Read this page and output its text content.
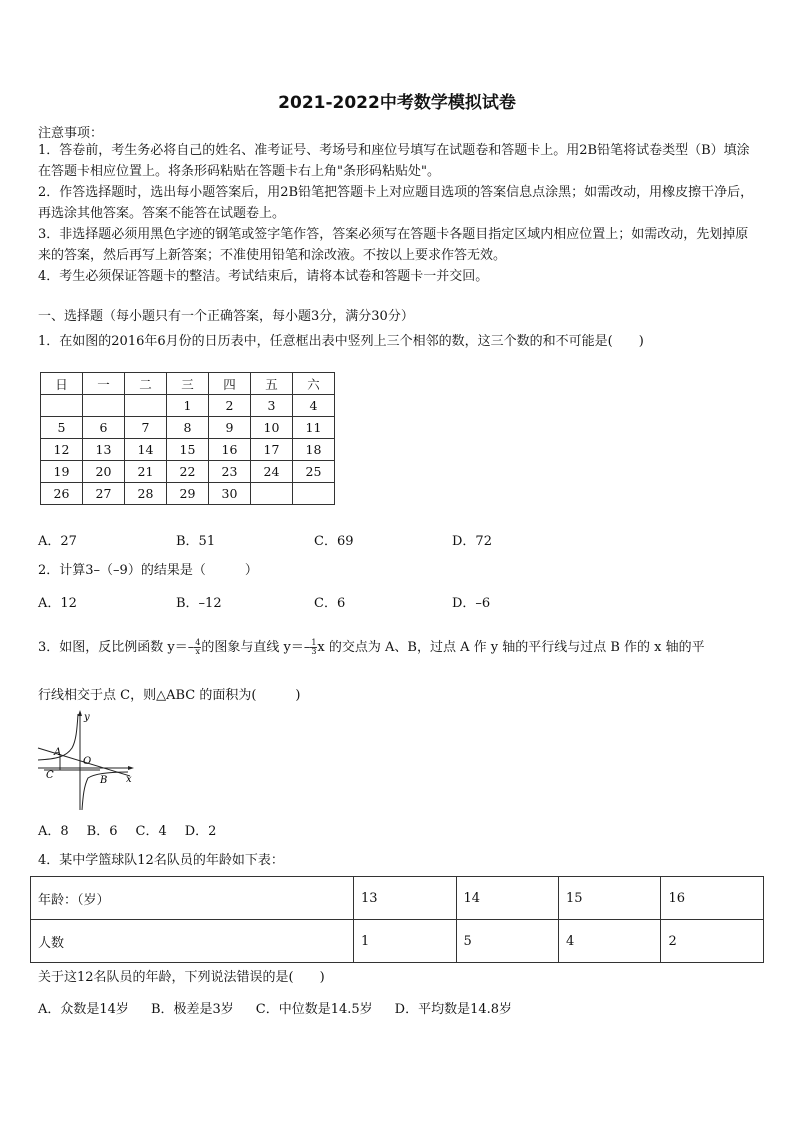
2021-2022中考数学模拟试卷
注意事项：
1．答卷前，考生务必将自己的姓名、准考证号、考场号和座位号填写在试题卷和答题卡上。用2B铅笔将试卷类型（B）填涂在答题卡相应位置上。将条形码粘贴在答题卡右上角"条形码粘贴处"。
2．作答选择题时，选出每小题答案后，用2B铅笔把答题卡上对应题目选项的答案信息点涂黑；如需改动，用橡皮擦干净后，再选涂其他答案。答案不能答在试题卷上。
3．非选择题必须用黑色字迹的钢笔或签字笔作答，答案必须写在答题卡各题目指定区域内相应位置上；如需改动，先划掉原来的答案，然后再写上新答案；不准使用铅笔和涂改液。不按以上要求作答无效。
4．考生必须保证答题卡的整洁。考试结束后，请将本试卷和答题卡一并交回。
一、选择题（每小题只有一个正确答案，每小题3分，满分30分）
1．在如图的2016年6月份的日历表中，任意框出表中竖列上三个相邻的数，这三个数的和不可能是(　　)
日	一	二	三	四	五	六
			1	2	3	4
5	6	7	8	9	10	11
12	13	14	15	16	17	18
19	20	21	22	23	24	25
26	27	28	29	30		
A．27	B．51	C．69	D．72
2．计算3–（–9）的结果是（　　　）
A．12	B．–12	C．6	D．–6
3．如图，反比例函数 $y=- \frac{4}{x}$ 的图象与直线 $y=- \frac{1}{3}$ x 的交点为 A、B，过点 A 作 y 轴的平行线与过点 B 作的 x 轴的平
行线相交于点 C，则△ABC 的面积为(　　　)
y
x
O
A
B
C
A．8 B．6 C．4 D．2
4．某中学篮球队12名队员的年龄如下表：
年龄：（岁）	13	14	15	16
人数	1	5	4	2
关于这12名队员的年龄，下列说法错误的是(　　)
A．众数是14岁 B．极差是3岁 C．中位数是14.5岁 D．平均数是14.8岁
